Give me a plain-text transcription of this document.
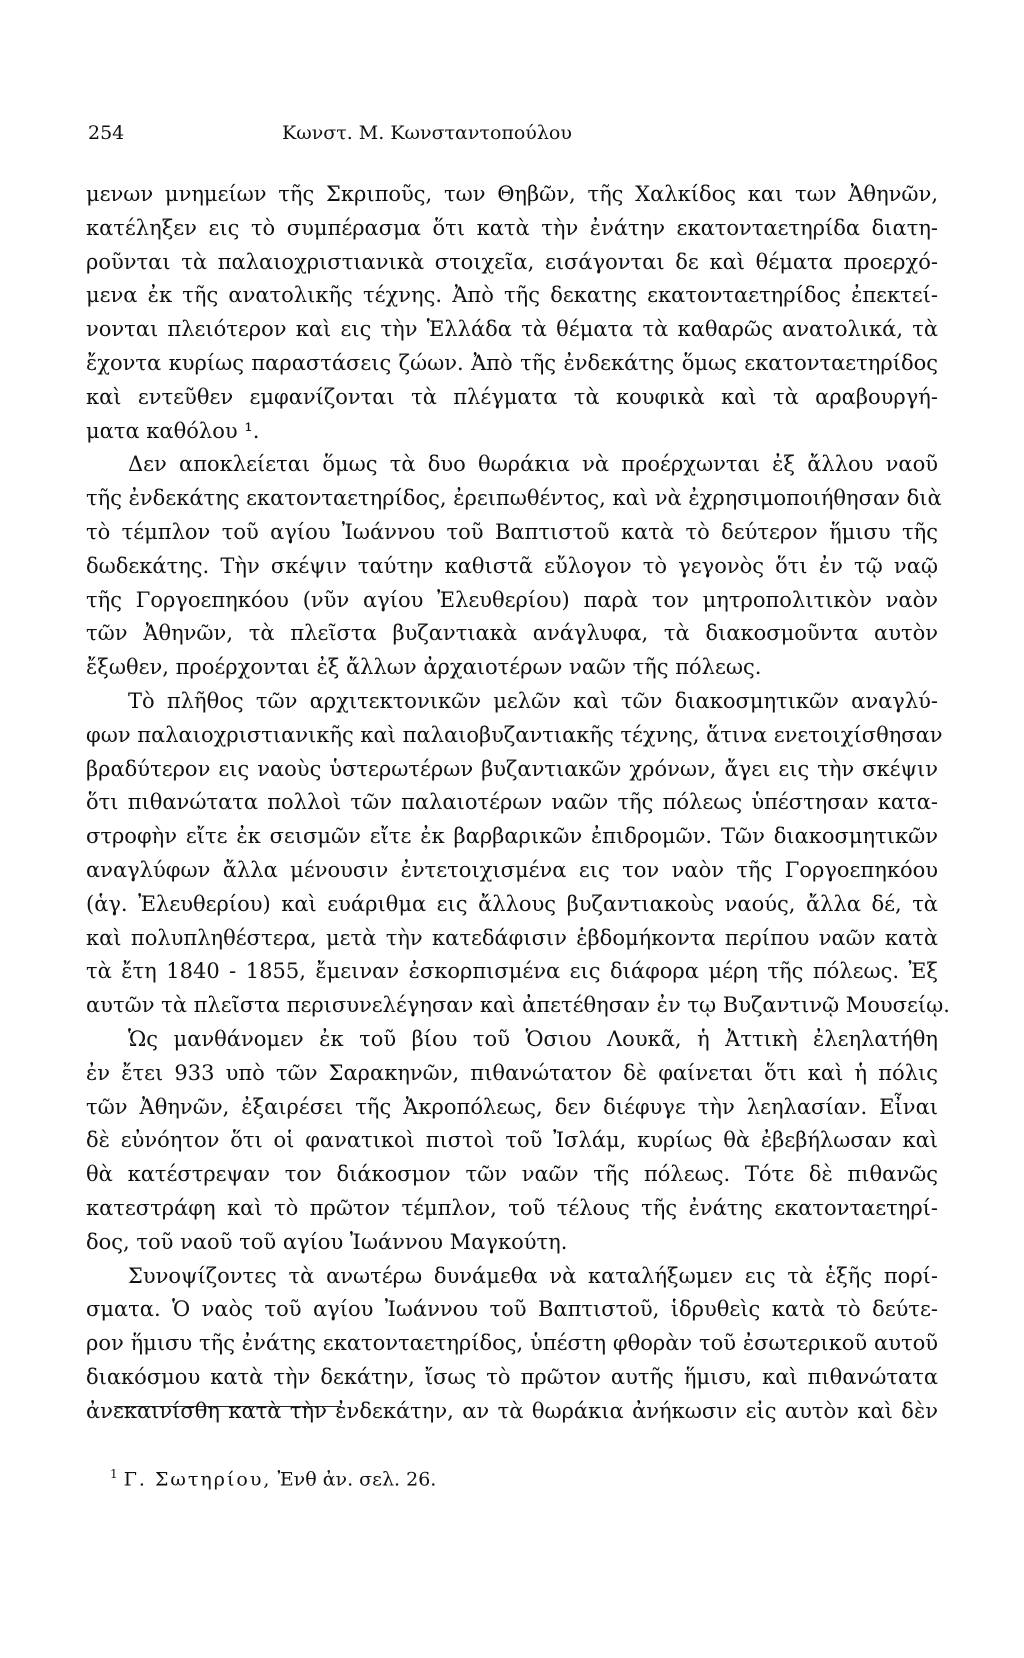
254	Κωνστ. Μ. Κωνσταντοπούλου
μενων μνημείων τῆς Σκριποῦς, των Θηβῶν, τῆς Χαλκίδος και των Ἀθηνῶν,
κατέληξεν εις τὸ συμπέρασμα ὅτι κατὰ τὴν ἐνάτην εκατονταετηρίδα διατη-
ροῦνται τὰ παλαιοχριστιανικὰ στοιχεῖα, εισάγονται δε καὶ θέματα προερχό-
μενα ἐκ τῆς ανατολικῆς τέχνης. Ἀπὸ τῆς δεκατης εκατονταετηρίδος ἐπεκτεί-
νονται πλειότερον καὶ εις τὴν Ἑλλάδα τὰ θέματα τὰ καθαρῶς ανατολικά, τὰ
ἔχοντα κυρίως παραστάσεις ζώων. Ἀπὸ τῆς ἐνδεκάτης ὅμως εκατονταετηρίδος
καὶ εντεῦθεν εμφανίζονται τὰ πλέγματα τὰ κουφικὰ καὶ τὰ αραβουργή-
ματα καθόλου ¹.
Δεν αποκλείεται ὅμως τὰ δυο θωράκια νὰ προέρχωνται ἐξ ἄλλου ναοῦ
τῆς ἐνδεκάτης εκατονταετηρίδος, ἐρειπωθέντος, καὶ νὰ ἐχρησιμοποιήθησαν διὰ
τὸ τέμπλον τοῦ αγίου Ἰωάννου τοῦ Βαπτιστοῦ κατὰ τὸ δεύτερον ἥμισυ τῆς
δωδεκάτης. Τὴν σκέψιν ταύτην καθιστᾶ εὔλογον τὸ γεγονὸς ὅτι ἐν τῷ ναῷ
τῆς Γοργοεπηκόου (νῦν αγίου Ἐλευθερίου) παρὰ τον μητροπολιτικὸν ναὸν
τῶν Ἀθηνῶν, τὰ πλεῖστα βυζαντιακὰ ανάγλυφα, τὰ διακοσμοῦντα αυτὸν
ἔξωθεν, προέρχονται ἐξ ἄλλων ἀρχαιοτέρων ναῶν τῆς πόλεως.
Τὸ πλῆθος τῶν αρχιτεκτονικῶν μελῶν καὶ τῶν διακοσμητικῶν αναγλύ-
φων παλαιοχριστιανικῆς καὶ παλαιοβυζαντιακῆς τέχνης, ἅτινα ενετοιχίσθησαν
βραδύτερον εις ναοὺς ὑστερωτέρων βυζαντιακῶν χρόνων, ἄγει εις τὴν σκέψιν
ὅτι πιθανώτατα πολλοὶ τῶν παλαιοτέρων ναῶν τῆς πόλεως ὑπέστησαν κατα-
στροφὴν εἴτε ἐκ σεισμῶν εἴτε ἐκ βαρβαρικῶν ἐπιδρομῶν. Τῶν διακοσμητικῶν
αναγλύφων ἄλλα μένουσιν ἐντετοιχισμένα εις τον ναὸν τῆς Γοργοεπηκόου
(ἁγ. Ἐλευθερίου) καὶ ευάριθμα εις ἄλλους βυζαντιακοὺς ναούς, ἄλλα δέ, τὰ
καὶ πολυπληθέστερα, μετὰ τὴν κατεδάφισιν ἑβδομήκοντα περίπου ναῶν κατὰ
τὰ ἔτη 1840 - 1855, ἔμειναν ἐσκορπισμένα εις διάφορα μέρη τῆς πόλεως. Ἐξ
αυτῶν τὰ πλεῖστα περισυνελέγησαν καὶ ἀπετέθησαν ἐν τῳ Βυζαντινῷ Μουσείῳ.
Ὡς μανθάνομεν ἐκ τοῦ βίου τοῦ Ὁσιου Λουκᾶ, ἡ Ἀττικὴ ἐλεηλατήθη
ἐν ἔτει 933 υπὸ τῶν Σαρακηνῶν, πιθανώτατον δὲ φαίνεται ὅτι καὶ ἡ πόλις
τῶν Ἀθηνῶν, ἐξαιρέσει τῆς Ἀκροπόλεως, δεν διέφυγε τὴν λεηλασίαν. Εἶναι
δὲ εὐνόητον ὅτι οἱ φανατικοὶ πιστοὶ τοῦ Ἰσλάμ, κυρίως θὰ ἐβεβήλωσαν καὶ
θὰ κατέστρεψαν τον διάκοσμον τῶν ναῶν τῆς πόλεως. Τότε δὲ πιθανῶς
κατεστράφη καὶ τὸ πρῶτον τέμπλον, τοῦ τέλους τῆς ἐνάτης εκατονταετηρί-
δος, τοῦ ναοῦ τοῦ αγίου Ἰωάννου Μαγκούτη.
Συνοψίζοντες τὰ ανωτέρω δυνάμεθα νὰ καταλήξωμεν εις τὰ ἑξῆς πορί-
σματα. Ὁ ναὸς τοῦ αγίου Ἰωάννου τοῦ Βαπτιστοῦ, ἱδρυθεὶς κατὰ τὸ δεύτε-
ρον ἥμισυ τῆς ἐνάτης εκατονταετηρίδος, ὑπέστη φθορὰν τοῦ ἐσωτερικοῦ αυτοῦ
διακόσμου κατὰ τὴν δεκάτην, ἴσως τὸ πρῶτον αυτῆς ἥμισυ, καὶ πιθανώτατα
ἀνεκαινίσθη κατὰ τὴν ἐνδεκάτην, αν τὰ θωράκια ἀνήκωσιν εἰς αυτὸν καὶ δὲν
$^1$ Γ. Σωτηρίου, Ἐνθ ἀν. σελ. 26.
